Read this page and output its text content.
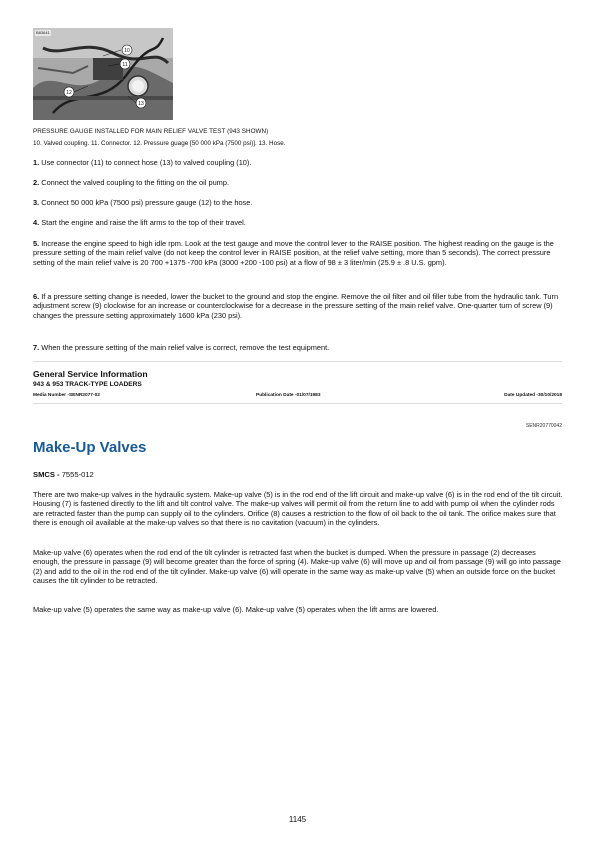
10
11
12
13
B83641
PRESSURE GAUGE INSTALLED FOR MAIN RELIEF VALVE TEST (943 SHOWN)
10. Valved coupling. 11. Connector. 12. Pressure guage [50 000 kPa (7500 psi)]. 13. Hose.

1. Use connector (11) to connect hose (13) to valved coupling (10).

2. Connect the valved coupling to the fitting on the oil pump.

3. Connect 50 000 kPa (7500 psi) pressure gauge (12) to the hose.

4. Start the engine and raise the lift arms to the top of their travel.

5. Increase the engine speed to high idle rpm. Look at the test gauge and move the control lever to the RAISE position. The highest reading on the gauge is the pressure setting of the main relief valve (do not keep the control lever in RAISE position, at the relief valve setting, more than 5 seconds). The correct pressure setting of the main relief valve is 20 700 +1375 -700 kPa (3000 +200 -100 psi) at a flow of 98 ± 3 liter/min (25.9 ± .8 U.S. gpm).

6. If a pressure setting change is needed, lower the bucket to the ground and stop the engine. Remove the oil filter and oil filler tube from the hydraulic tank. Turn adjustment screw (9) clockwise for an increase or counterclockwise for a decrease in the pressure setting of the main relief valve. One-quarter turn of screw (9) changes the pressure setting approximately 1600 kPa (230 psi).

7. When the pressure setting of the main relief valve is correct, remove the test equipment.

General Service Information
943 & 953 TRACK-TYPE LOADERS
Media Number -SENR2077-02	Publication Date -01/07/1983	Date Updated -30/10/2018
SENR20770042
Make-Up Valves
SMCS - 7555-012

There are two make-up valves in the hydraulic system. Make-up valve (5) is in the rod end of the lift circuit and make-up valve (6) is in the rod end of the tilt circuit. Housing (7) is fastened directly to the lift and tilt control valve. The make-up valves will permit oil from the return line to add with pump oil when the cylinder rods are retracted faster than the pump can supply oil to the cylinders. Orifice (8) causes a restriction to the flow of oil back to the oil tank. The orifice makes sure that there is enough oil available at the make-up valves so that there is no cavitation (vacuum) in the cylinders.

Make-up valve (6) operates when the rod end of the tilt cylinder is retracted fast when the bucket is dumped. When the pressure in passage (2) decreases enough, the pressure in passage (9) will become greater than the force of spring (4). Make-up valve (6) will move up and oil from passage (9) will go into passage (2) and add to the oil in the rod end of the tilt cylinder. Make-up valve (6) will operate in the same way as make-up valve (5) when an outside force on the bucket causes the tilt cylinder to be retracted.

Make-up valve (5) operates the same way as make-up valve (6). Make-up valve (5) operates when the lift arms are lowered.

1145
